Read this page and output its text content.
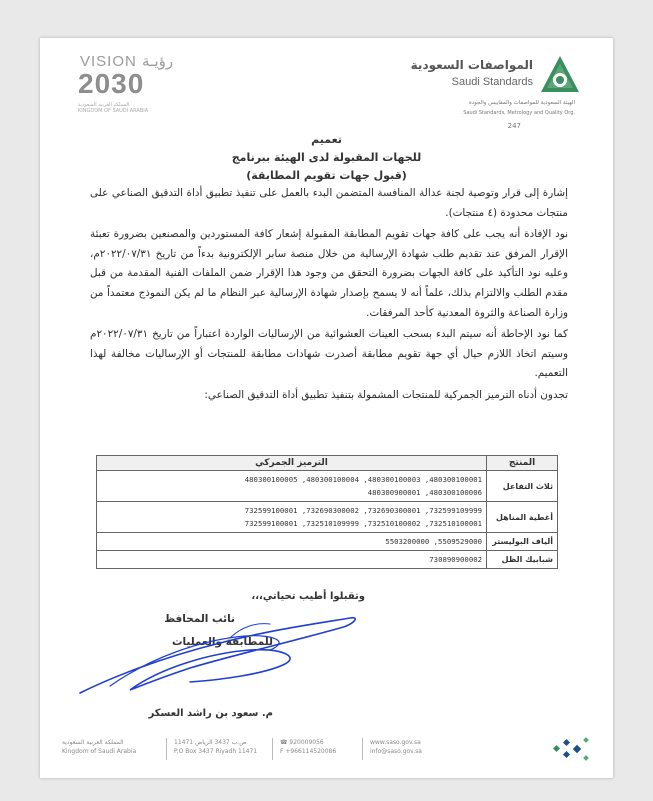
VISION رؤيـة
2030
المملكة العربية السعودية
KINGDOM OF SAUDI ARABIA
المواصفات السعودية
Saudi Standards
الهيئة السعودية للمواصفات والمقاييس والجودة
Saudi Standards, Metrology and Quality Org.
247
تعميم
للجهات المقبولة لدى الهيئة ببرنامج
(قبول جهات تقويم المطابقة)

إشارة إلى قرار وتوصية لجنة عدالة المنافسة المتضمن البدء بالعمل على تنفيذ تطبيق أداة التدقيق الصناعي على منتجات محدودة (٤ منتجات).

نود الإفادة أنه يجب على كافة جهات تقويم المطابقة المقبولة إشعار كافة المستوردين والمصنعين بضرورة تعبئة الإقرار المرفق عند تقديم طلب شهادة الإرسالية من خلال منصة سابر الإلكترونية بدءاً من تاريخ ٢٠٢٢/٠٧/٣١م، وعليه نود التأكيد على كافة الجهات بضرورة التحقق من وجود هذا الإقرار ضمن الملفات الفنية المقدمة من قبل مقدم الطلب والالتزام بذلك، علماً أنه لا يسمح بإصدار شهادة الإرسالية عبر النظام ما لم يكن النموذج معتمداً من وزارة الصناعة والثروة المعدنية كأحد المرفقات.

كما نود الإحاطة أنه سيتم البدء بسحب العينات العشوائية من الإرساليات الواردة اعتباراً من تاريخ ٢٠٢٢/٠٧/٣١م وسيتم اتخاذ اللازم حيال أي جهة تقويم مطابقة أصدرت شهادات مطابقة للمنتجات أو الإرساليات مخالفة لهذا التعميم.

تجدون أدناه الترميز الجمركية للمنتجات المشمولة بتنفيذ تطبيق أداة التدقيق الصناعي:

المنتج	الترميز الجمركي
ثلاث التفاعل	480300100005 ,480300100004 ,480300100003 ,480300100001
480300900001 ,480300100006

أغطية المناهل	732599100001 ,732690300002 ,732690300001 ,732599109999
732599100001 ,732510109999 ,732510100002 ,732510100001

ألياف البوليستر	5503200000 ,5509529000

شبابيك الظل	730890900002
وتقبلوا أطيب تحياتي،،،
نائب المحافظ
للمطابقة والعمليات
م. سعود بن راشد العسكر
المملكة العربية السعودية
Kingdom of Saudi Arabia
ص.ب 3437 الرياض 11471
P.O Box 3437 Riyadh 11471
☎ 920009056
F +966114520086
www.saso.gov.sa
info@saso.gov.sa
